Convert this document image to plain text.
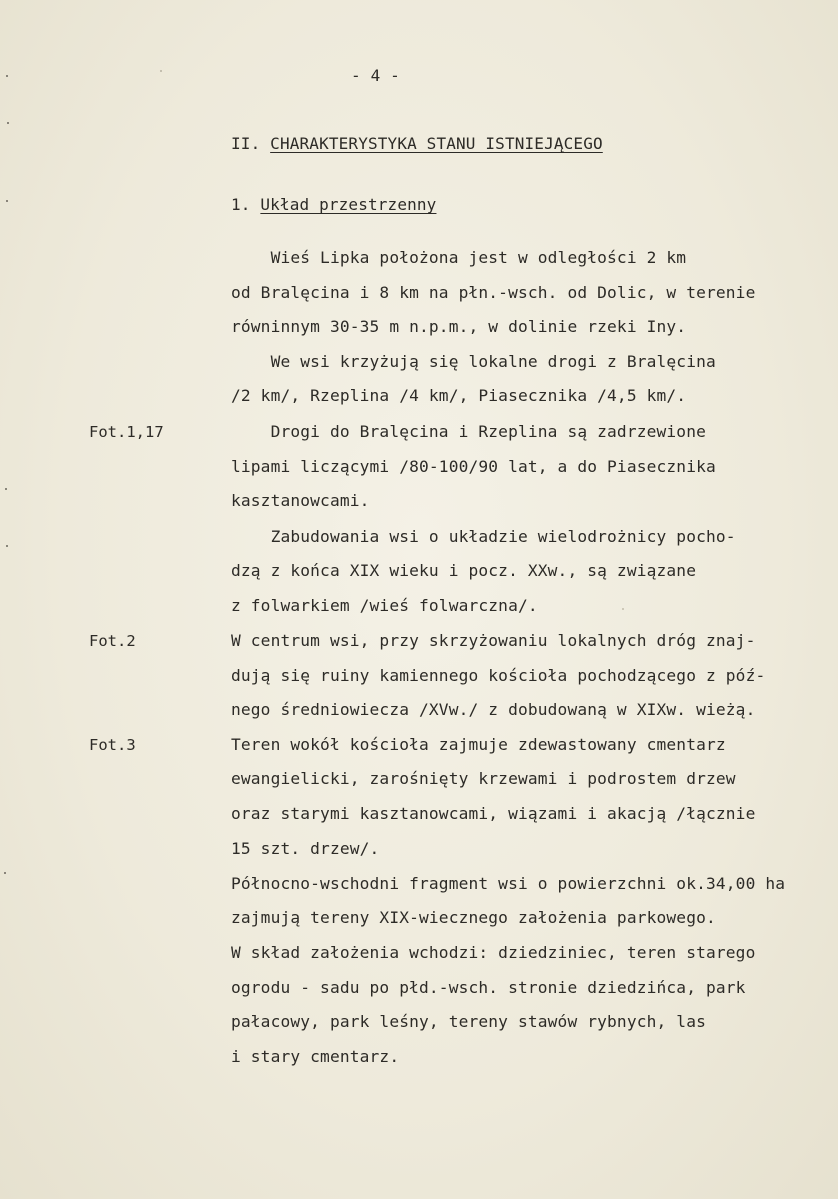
- 4 -
II. CHARAKTERYSTYKA STANU ISTNIEJĄCEGO
1. Układ przestrzenny
Fot.1,17
Fot.2
Fot.3
Wieś Lipka położona jest w odległości 2 km
od Bralęcina i 8 km na płn.-wsch. od Dolic, w terenie
równinnym 30-35 m n.p.m., w dolinie rzeki Iny.
We wsi krzyżują się lokalne drogi z Bralęcina
/2 km/, Rzeplina /4 km/, Piasecznika /4,5 km/.
Drogi do Bralęcina i Rzeplina są zadrzewione
lipami liczącymi /80-100/90 lat, a do Piasecznika
kasztanowcami.
Zabudowania wsi o układzie wielodrożnicy pocho-
dzą z końca XIX wieku i pocz. XXw., są związane
z folwarkiem /wieś folwarczna/.
W centrum wsi, przy skrzyżowaniu lokalnych dróg znaj-
dują się ruiny kamiennego kościoła pochodzącego z póź-
nego średniowiecza /XVw./ z dobudowaną w XIXw. wieżą.
Teren wokół kościoła zajmuje zdewastowany cmentarz
ewangielicki, zarośnięty krzewami i podrostem drzew
oraz starymi kasztanowcami, wiązami i akacją /łącznie
15 szt. drzew/.
Północno-wschodni fragment wsi o powierzchni ok.34,00 ha
zajmują tereny XIX-wiecznego założenia parkowego.
W skład założenia wchodzi: dziedziniec, teren starego
ogrodu - sadu po płd.-wsch. stronie dziedzińca, park
pałacowy, park leśny, tereny stawów rybnych, las
i stary cmentarz.
